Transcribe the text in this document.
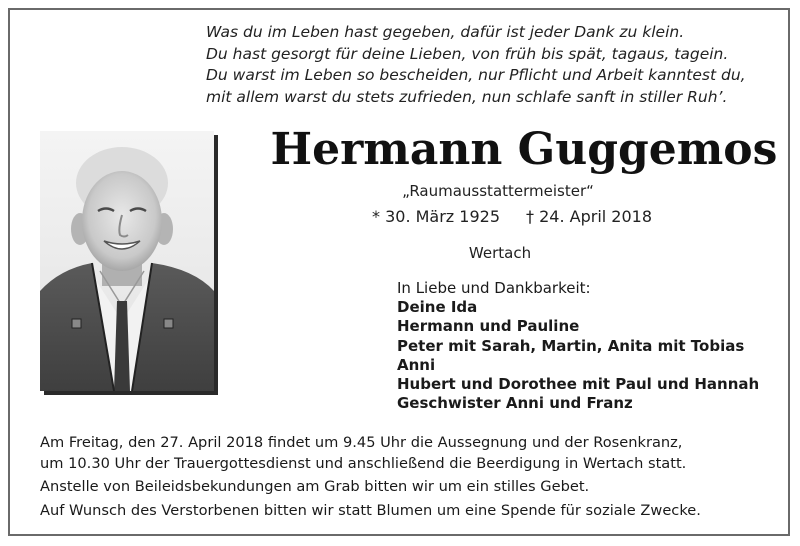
Was du im Leben hast gegeben, dafür ist jeder Dank zu klein.
Du hast gesorgt für deine Lieben, von früh bis spät, tagaus, tagein.
Du warst im Leben so bescheiden, nur Pflicht und Arbeit kanntest du,
mit allem warst du stets zufrieden, nun schlafe sanft in stiller Ruh’.
Hermann Guggemos
„Raumausstattermeister“
* 30. März 1925 † 24. April 2018
Wertach
In Liebe und Dankbarkeit:
Deine Ida
Hermann und Pauline
Peter mit Sarah, Martin, Anita mit Tobias
Anni
Hubert und Dorothee mit Paul und Hannah
Geschwister Anni und Franz

Am Freitag, den 27. April 2018 findet um 9.45 Uhr die Aussegnung und der Rosenkranz,
um 10.30 Uhr der Trauergottesdienst und anschließend die Beerdigung in Wertach statt.

Anstelle von Beileidsbekundungen am Grab bitten wir um ein stilles Gebet.

Auf Wunsch des Verstorbenen bitten wir statt Blumen um eine Spende für soziale Zwecke.
